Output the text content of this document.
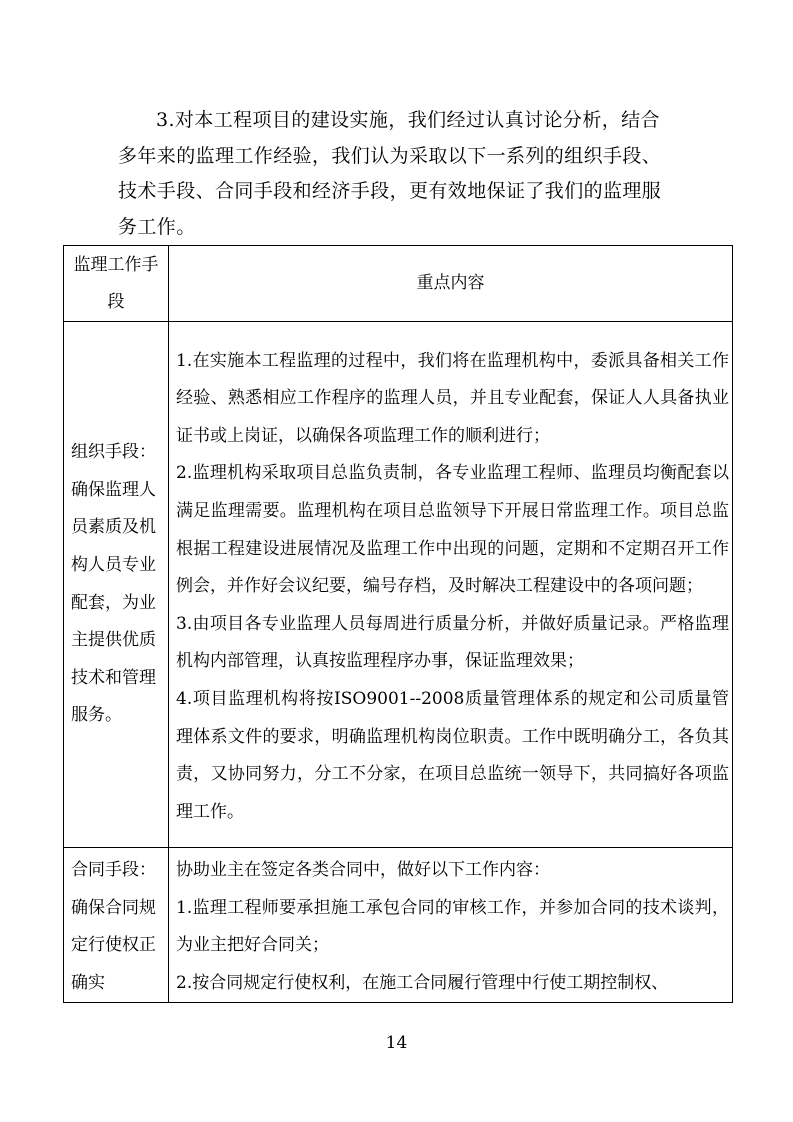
3.对本工程项目的建设实施，我们经过认真讨论分析，结合多年来的监理工作经验，我们认为采取以下一系列的组织手段、技术手段、合同手段和经济手段，更有效地保证了我们的监理服务工作。

监理工作手段	重点内容
组织手段：确保监理人员素质及机构人员专业配套，为业主提供优质技术和管理服务。	1.在实施本工程监理的过程中，我们将在监理机构中，委派具备相关工作经验、熟悉相应工作程序的监理人员，并且专业配套，保证人人具备执业证书或上岗证，以确保各项监理工作的顺利进行；
2.监理机构采取项目总监负责制，各专业监理工程师、监理员均衡配套以满足监理需要。监理机构在项目总监领导下开展日常监理工作。项目总监根据工程建设进展情况及监理工作中出现的问题，定期和不定期召开工作例会，并作好会议纪要，编号存档，及时解决工程建设中的各项问题；
3.由项目各专业监理人员每周进行质量分析，并做好质量记录。严格监理机构内部管理，认真按监理程序办事，保证监理效果；
4.项目监理机构将按ISO9001--2008质量管理体系的规定和公司质量管理体系文件的要求，明确监理机构岗位职责。工作中既明确分工，各负其责，又协同努力，分工不分家，在项目总监统一领导下，共同搞好各项监理工作。

合同手段：确保合同规定行使权正确实	协助业主在签定各类合同中，做好以下工作内容：
1.监理工程师要承担施工承包合同的审核工作，并参加合同的技术谈判，为业主把好合同关；
2.按合同规定行使权利，在施工合同履行管理中行使工期控制权、
14
